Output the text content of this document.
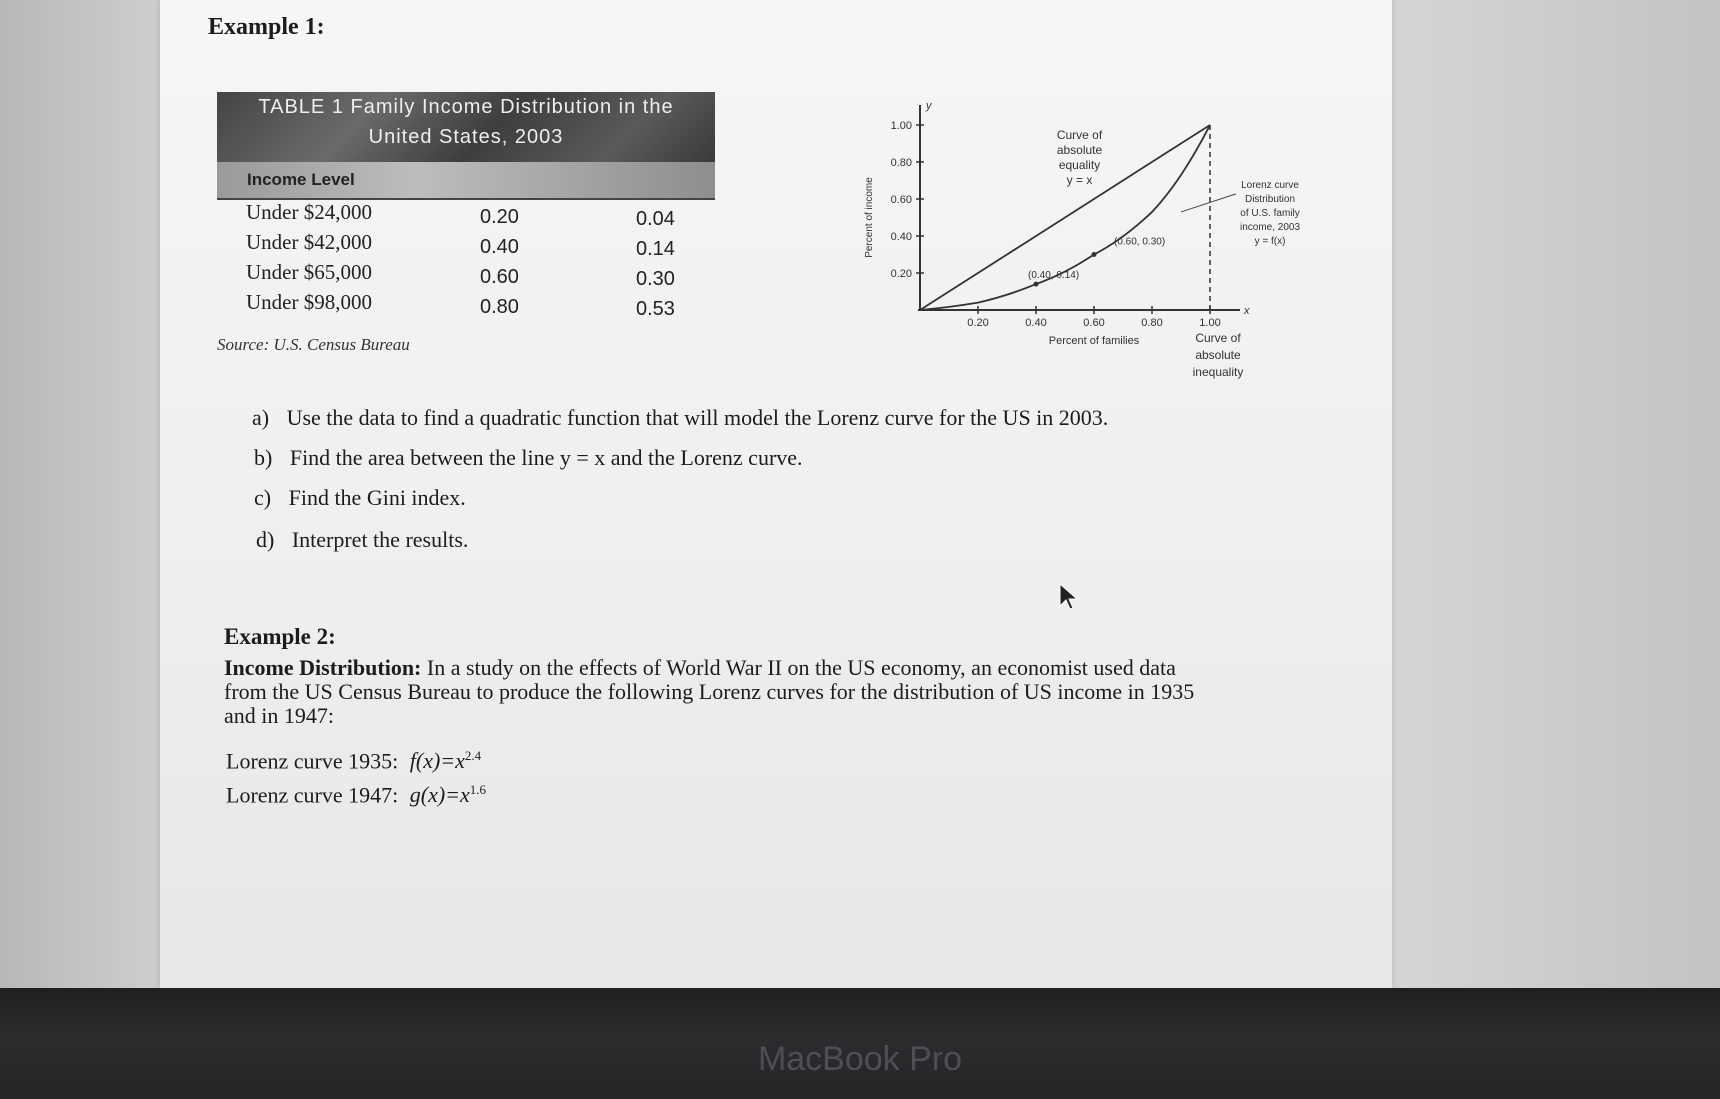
Example 1:
TABLE 1 Family Income Distribution in the
United States, 2003
Income Level
Under $24,000	0.20	0.04
Under $42,000	0.40	0.14
Under $65,000	0.60	0.30
Under $98,000	0.80	0.53
Source: U.S. Census Bureau
y
x
1.00
0.80
0.60
0.40
0.20
0.20	0.40	0.60	0.80	1.00
Percent of income
Percent of families
(0.40, 0.14)
(0.60, 0.30)
Curve of
absolute
equality
y = x	Lorenz curve
Distribution
of U.S. family
income, 2003
y = f(x)
Curve of
absolute
inequality
a) Use the data to find a quadratic function that will model the Lorenz curve for the US in 2003.
b) Find the area between the line y = x and the Lorenz curve.
c) Find the Gini index.
d) Interpret the results.
Example 2:
Income Distribution: In a study on the effects of World War II on the US economy, an economist used data
from the US Census Bureau to produce the following Lorenz curves for the distribution of US income in 1935
and in 1947:
Lorenz curve 1935: $f(x)=x^{2.4}$
Lorenz curve 1947: $g(x)=x^{1.6}$
MacBook Pro
